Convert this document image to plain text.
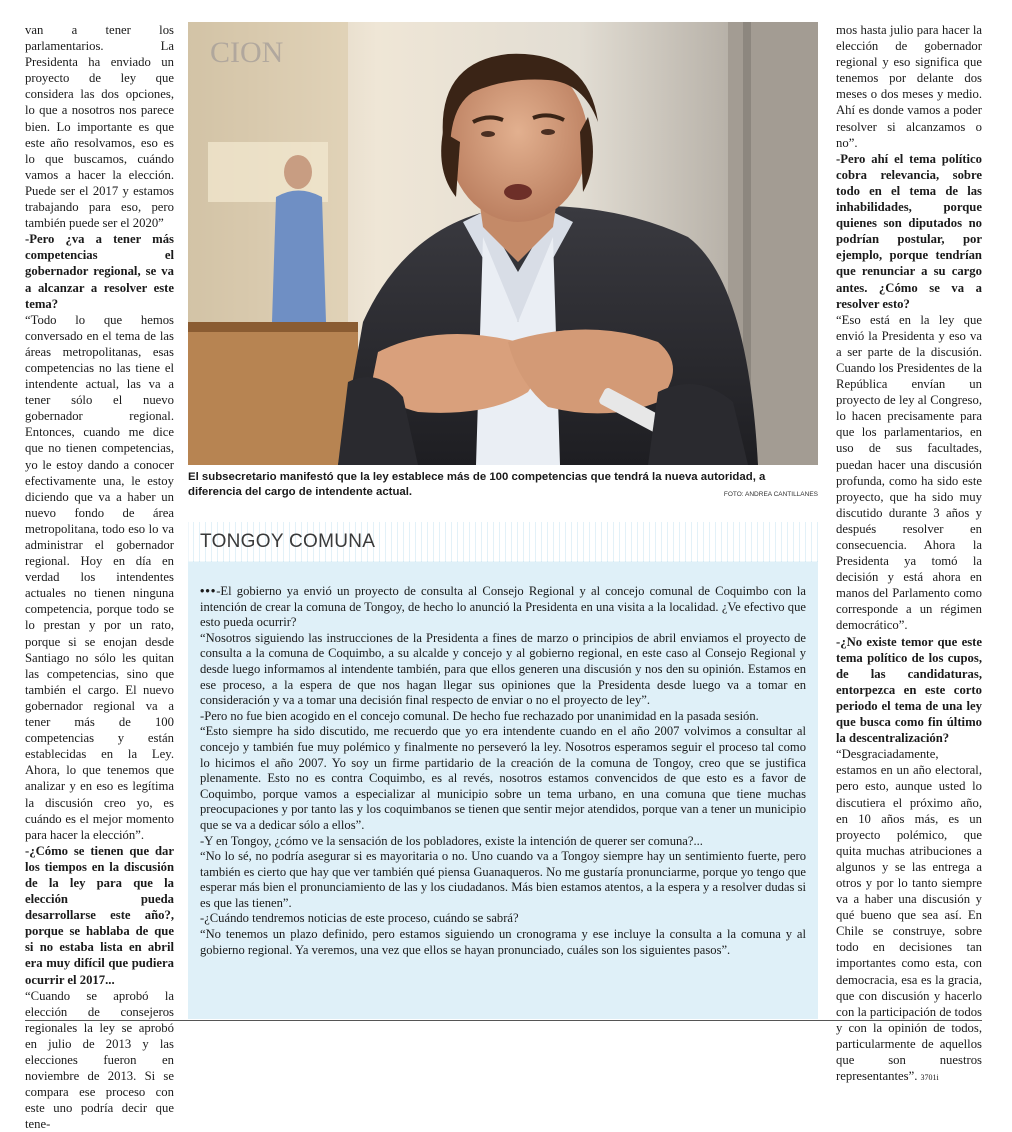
van a tener los parlamentarios. La Presidenta ha enviado un proyecto de ley que considera las dos opciones, lo que a nosotros nos parece bien. Lo importante es que este año resolvamos, eso es lo que buscamos, cuándo vamos a hacer la elección. Puede ser el 2017 y estamos trabajando para eso, pero también puede ser el 2020”

-Pero ¿va a tener más competencias el gobernador regional, se va a alcanzar a resolver este tema?

“Todo lo que hemos conversado en el tema de las áreas metropolitanas, esas competencias no las tiene el intendente actual, las va a tener sólo el nuevo gobernador regional. Entonces, cuando me dice que no tienen competencias, yo le estoy dando a conocer efectivamente una, le estoy diciendo que va a haber un nuevo fondo de área metropolitana, todo eso lo va administrar el gobernador regional. Hoy en día en verdad los intendentes actuales no tienen ninguna competencia, porque todo se lo prestan y por un rato, porque si se enojan desde Santiago no sólo les quitan las competencias, sino que también el cargo. El nuevo gobernador regional va a tener más de 100 competencias y están establecidas en la Ley. Ahora, lo que tenemos que analizar y en eso es legítima la discusión creo yo, es cuándo es el mejor momento para hacer la elección”.

-¿Cómo se tienen que dar los tiempos en la discusión de la ley para que la elección pueda desarrollarse este año?, porque se hablaba de que si no estaba lista en abril era muy difícil que pudiera ocurrir el 2017...

“Cuando se aprobó la elección de consejeros regionales la ley se aprobó en julio de 2013 y las elecciones fueron en noviembre de 2013. Si se compara ese proceso con este uno podría decir que tene-

CION
El subsecretario manifestó que la ley establece más de 100 competencias que tendrá la nueva autoridad, a diferencia del cargo de intendente actual.	FOTO: ANDREA CANTILLANES
TONGOY COMUNA

•••-El gobierno ya envió un proyecto de consulta al Consejo Regional y al concejo comunal de Coquimbo con la intención de crear la comuna de Tongoy, de hecho lo anunció la Presidenta en una visita a la localidad. ¿Ve efectivo que esto pueda ocurrir?

“Nosotros siguiendo las instrucciones de la Presidenta a fines de marzo o principios de abril enviamos el proyecto de consulta a la comuna de Coquimbo, a su alcalde y concejo y al gobierno regional, en este caso al Consejo Regional y desde luego informamos al intendente también, para que ellos generen una discusión y nos den su opinión. Estamos en ese proceso, a la espera de que nos hagan llegar sus opiniones que la Presidenta desde luego va a tomar en consideración y va a tomar una decisión final respecto de enviar o no el proyecto de ley”.

-Pero no fue bien acogido en el concejo comunal. De hecho fue rechazado por unanimidad en la pasada sesión.

“Esto siempre ha sido discutido, me recuerdo que yo era intendente cuando en el año 2007 volvimos a consultar al concejo y también fue muy polémico y finalmente no perseveró la ley. Nosotros esperamos seguir el proceso tal como lo hicimos el año 2007. Yo soy un firme partidario de la creación de la comuna de Tongoy, creo que se justifica plenamente. Esto no es contra Coquimbo, es al revés, nosotros estamos convencidos de que esto es a favor de Coquimbo, porque vamos a especializar al municipio sobre un tema urbano, en una comuna que tiene muchas preocupaciones y por tanto las y los coquimbanos se tienen que sentir mejor atendidos, porque van a tener un municipio que se va a dedicar sólo a ellos”.

-Y en Tongoy, ¿cómo ve la sensación de los pobladores, existe la intención de querer ser comuna?...

“No lo sé, no podría asegurar si es mayoritaria o no. Uno cuando va a Tongoy siempre hay un sentimiento fuerte, pero también es cierto que hay que ver también qué piensa Guanaqueros. No me gustaría pronunciarme, porque yo tengo que esperar más bien el pronunciamiento de las y los ciudadanos. Más bien estamos atentos, a la espera y a resolver dudas si es que las tienen”.

-¿Cuándo tendremos noticias de este proceso, cuándo se sabrá?

“No tenemos un plazo definido, pero estamos siguiendo un cronograma y ese incluye la consulta a la comuna y al gobierno regional. Ya veremos, una vez que ellos se hayan pronunciado, cuáles son los siguientes pasos”.

mos hasta julio para hacer la elección de gobernador regional y eso significa que tenemos por delante dos meses o dos meses y medio. Ahí es donde vamos a poder resolver si alcanzamos o no”.

-Pero ahí el tema político cobra relevancia, sobre todo en el tema de las inhabilidades, porque quienes son diputados no podrían postular, por ejemplo, porque tendrían que renunciar a su cargo antes. ¿Cómo se va a resolver esto?

“Eso está en la ley que envió la Presidenta y eso va a ser parte de la discusión. Cuando los Presidentes de la República envían un proyecto de ley al Congreso, lo hacen precisamente para que los parlamentarios, en uso de sus facultades, puedan hacer una discusión profunda, como ha sido este proyecto, que ha sido muy discutido durante 3 años y después resolver en consecuencia. Ahora la Presidenta ya tomó la decisión y está ahora en manos del Parlamento como corresponde a un régimen democrático”.

-¿No existe temor que este tema político de los cupos, de las candidaturas, entorpezca en este corto periodo el tema de una ley que busca como fin último la descentralización?

“Desgraciadamente, estamos en un año electoral, pero esto, aunque usted lo discutiera el próximo año, en 10 años más, es un proyecto polémico, que quita muchas atribuciones a algunos y se las entrega a otros y por lo tanto siempre va a haber una discusión y qué bueno que sea así. En Chile se construye, sobre todo en decisiones tan importantes como esta, con democracia, esa es la gracia, que con discusión y hacerlo con la participación de todos y con la opinión de todos, particularmente de aquellos que son nuestros representantes”. 3701i
